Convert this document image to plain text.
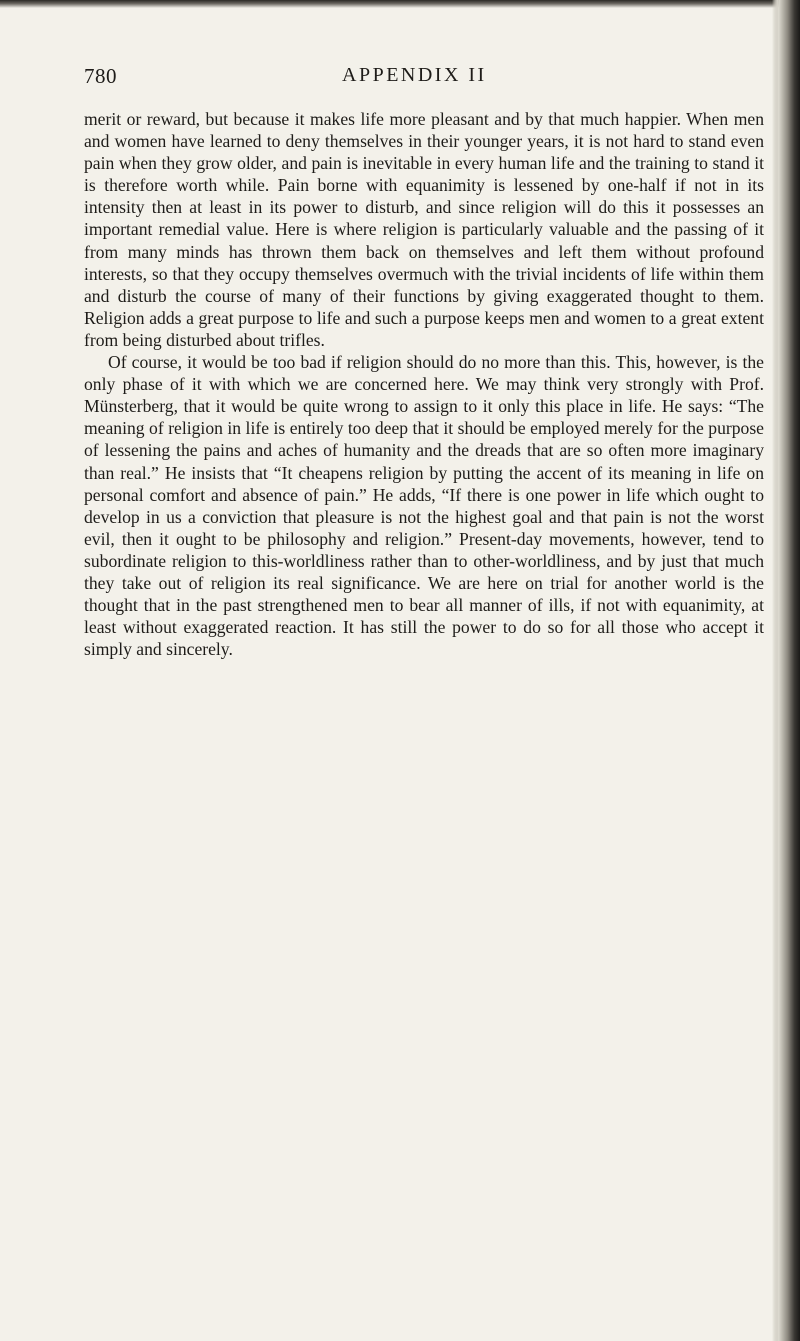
780	APPENDIX II

merit or reward, but because it makes life more pleasant and by that much happier. When men and women have learned to deny themselves in their younger years, it is not hard to stand even pain when they grow older, and pain is inevitable in every human life and the training to stand it is therefore worth while. Pain borne with equanimity is lessened by one-half if not in its intensity then at least in its power to disturb, and since religion will do this it possesses an important remedial value. Here is where religion is particularly valuable and the passing of it from many minds has thrown them back on themselves and left them without profound interests, so that they occupy themselves overmuch with the trivial incidents of life within them and disturb the course of many of their functions by giving exaggerated thought to them. Religion adds a great purpose to life and such a purpose keeps men and women to a great extent from being disturbed about trifles.

Of course, it would be too bad if religion should do no more than this. This, however, is the only phase of it with which we are concerned here. We may think very strongly with Prof. Münsterberg, that it would be quite wrong to assign to it only this place in life. He says: “The meaning of religion in life is entirely too deep that it should be employed merely for the purpose of lessening the pains and aches of humanity and the dreads that are so often more imaginary than real.” He insists that “It cheapens religion by putting the accent of its meaning in life on personal comfort and absence of pain.” He adds, “If there is one power in life which ought to develop in us a conviction that pleasure is not the highest goal and that pain is not the worst evil, then it ought to be philosophy and religion.” Present-day movements, however, tend to subordinate religion to this-worldliness rather than to other-worldliness, and by just that much they take out of religion its real significance. We are here on trial for another world is the thought that in the past strengthened men to bear all manner of ills, if not with equanimity, at least without exaggerated reaction. It has still the power to do so for all those who accept it simply and sincerely.
